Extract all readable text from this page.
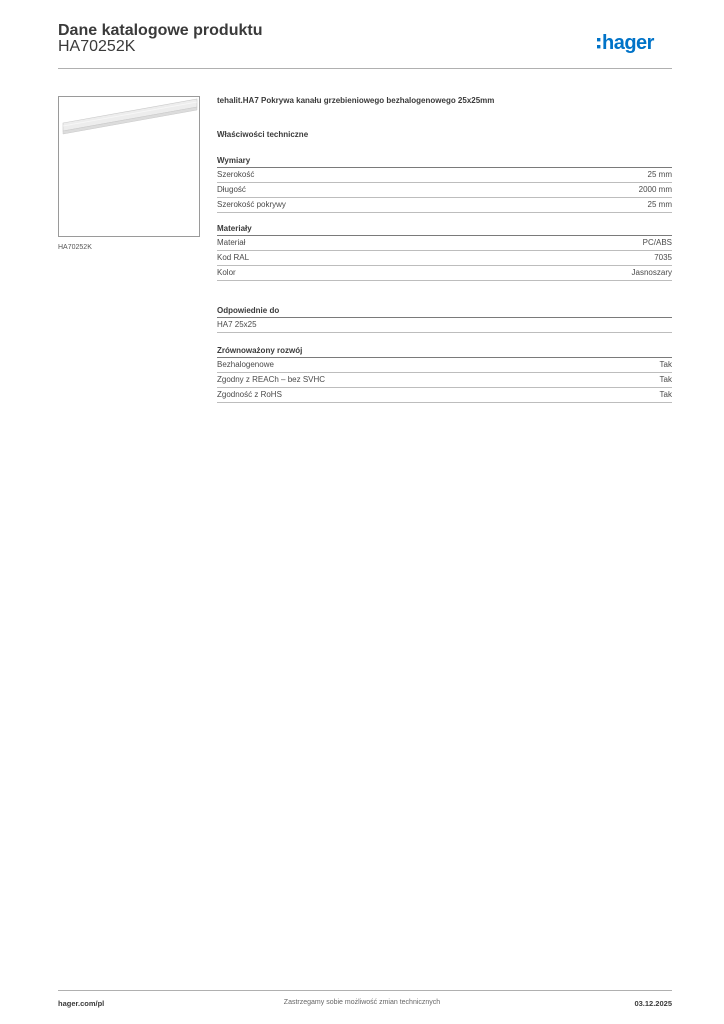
Dane katalogowe produktu
HA70252K	hager
HA70252K
tehalit.HA7 Pokrywa kanału grzebieniowego bezhalogenowego 25x25mm
Właściwości techniczne
Wymiary
Szerokość	25 mm
Długość	2000 mm
Szerokość pokrywy	25 mm
Materiały
Materiał	PC/ABS
Kod RAL	7035
Kolor	Jasnoszary
Odpowiednie do
HA7 25x25
Zrównoważony rozwój
Bezhalogenowe	Tak
Zgodny z REACh – bez SVHC	Tak
Zgodność z RoHS	Tak
hager.com/pl	Zastrzegamy sobie możliwość zmian technicznych	03.12.2025
